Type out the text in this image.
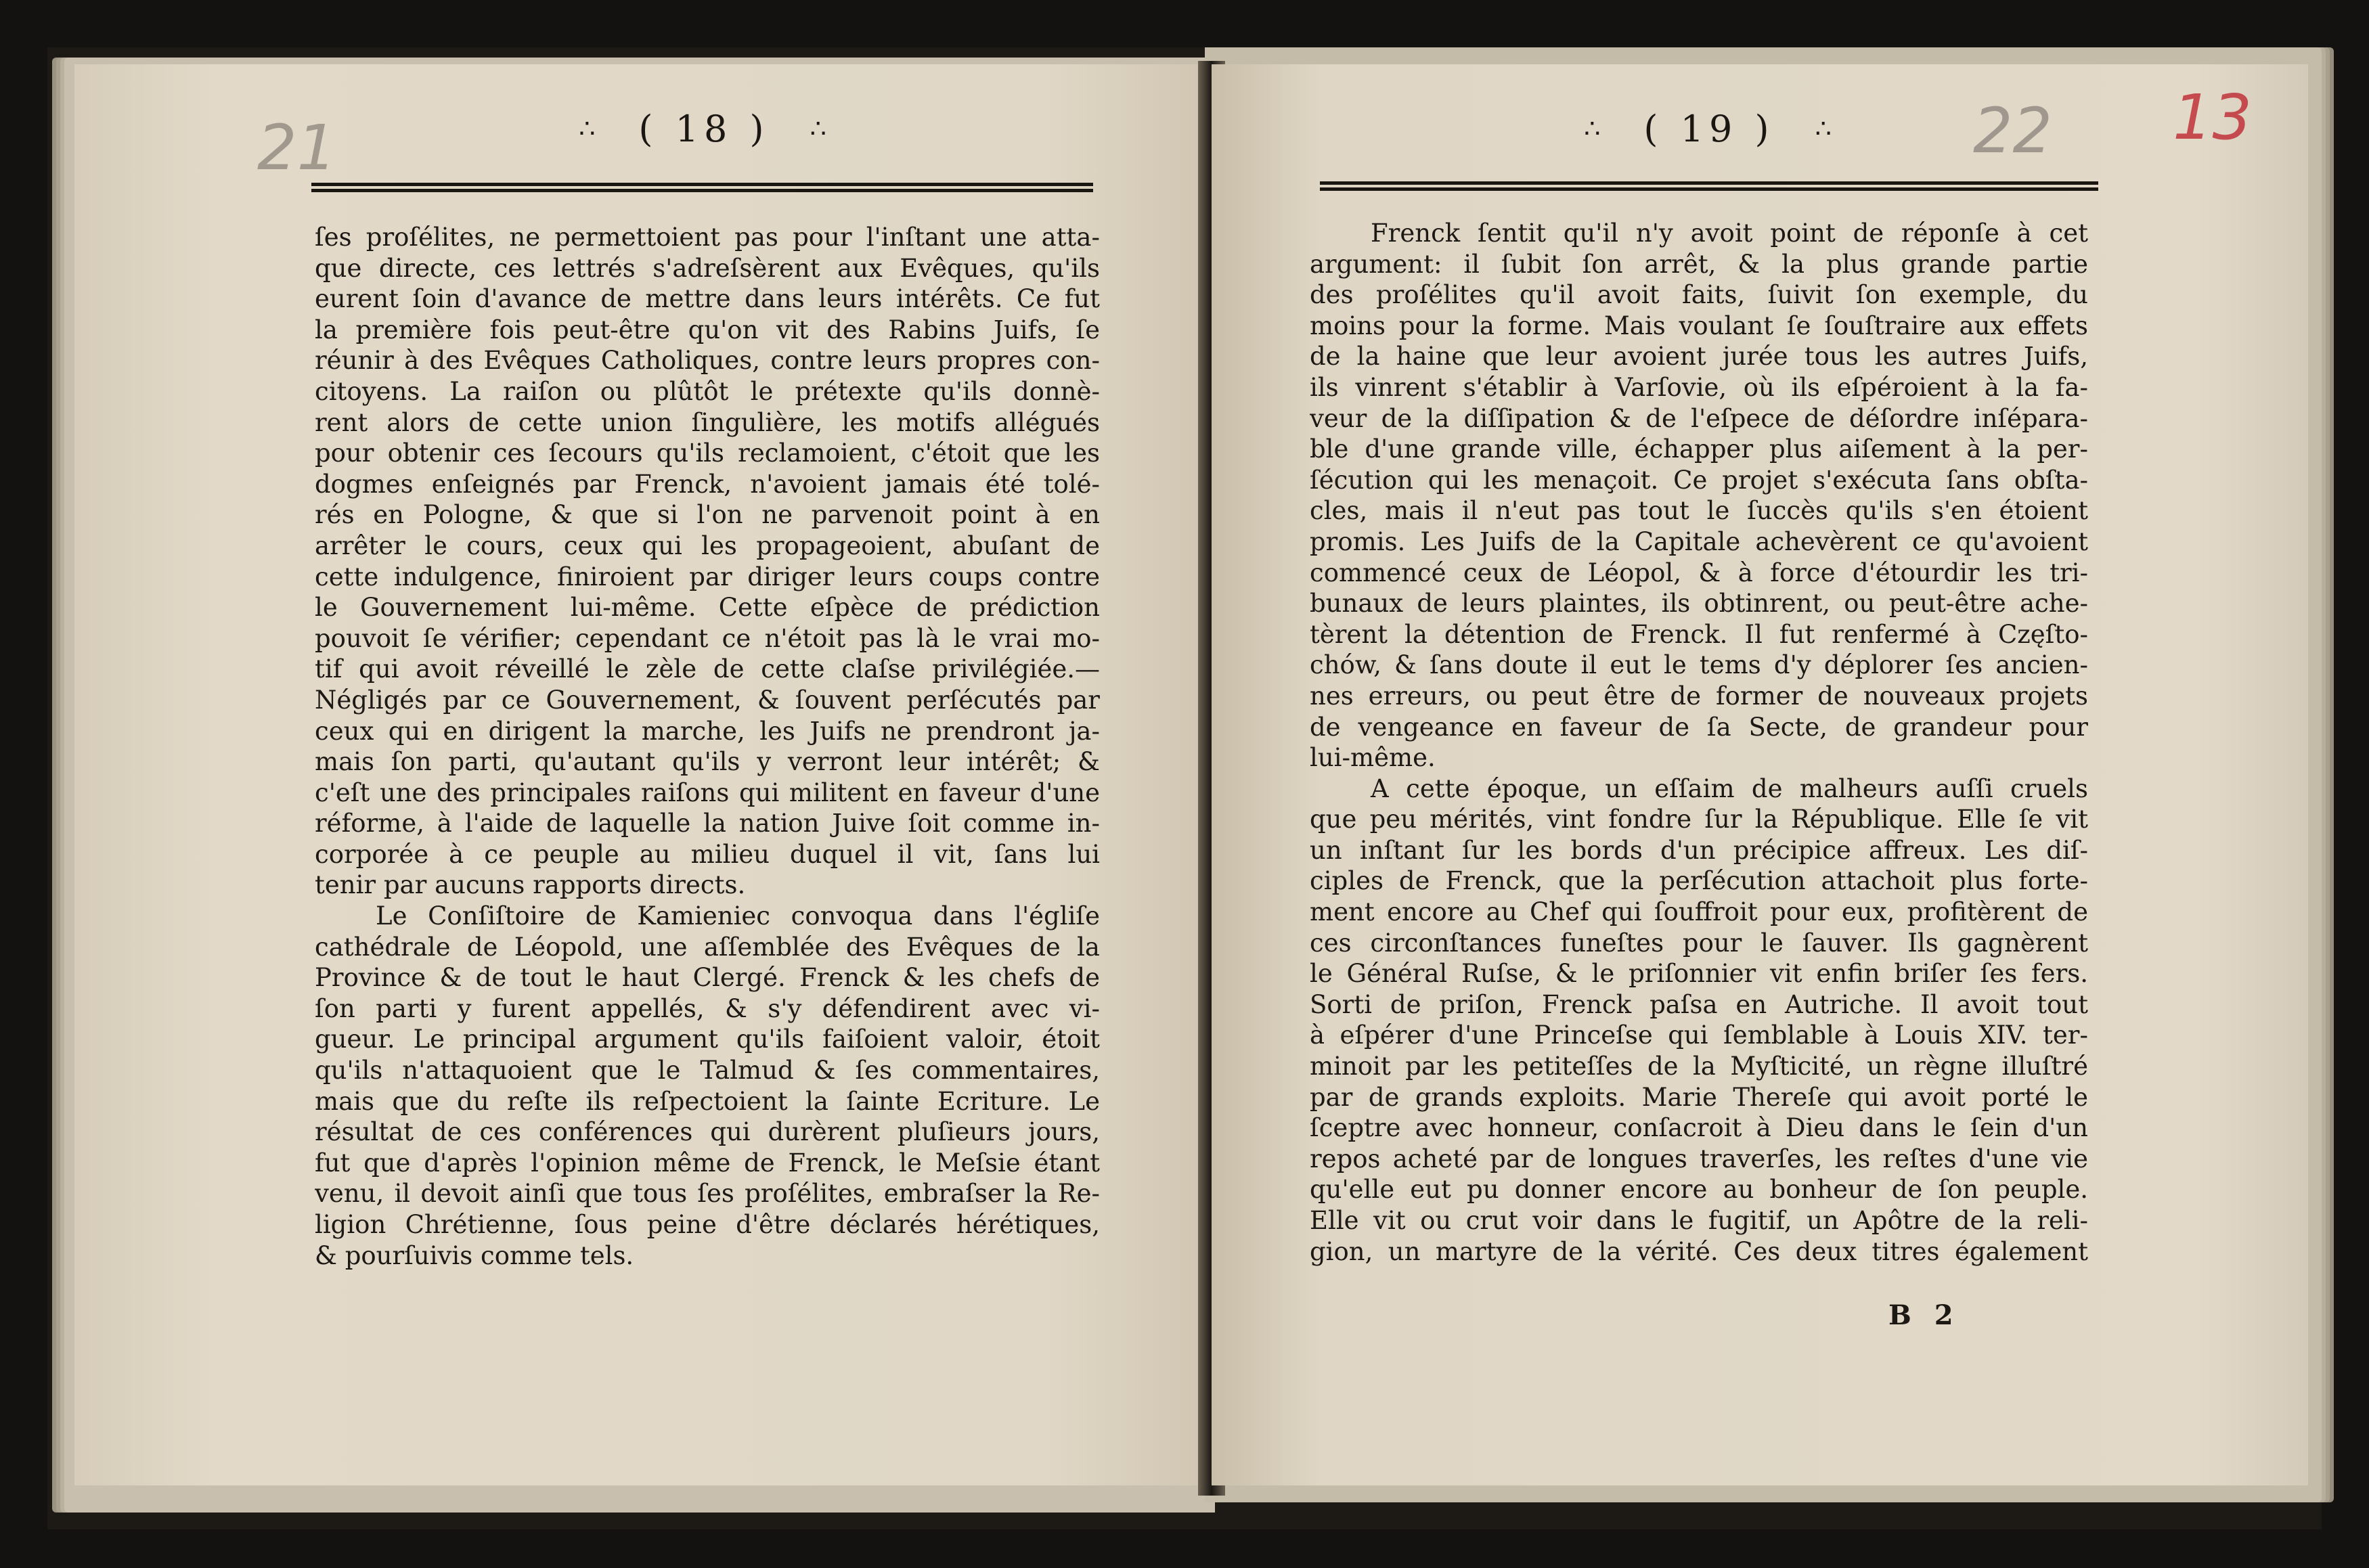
21	∴ ( 18 ) ∴
ſes proſélites, ne permettoient pas pour l'inſtant une atta-
que directe, ces lettrés s'adreſsèrent aux Evêques, qu'ils
eurent ſoin d'avance de mettre dans leurs intérêts. Ce fut
la première fois peut-être qu'on vit des Rabins Juifs, ſe
réunir à des Evêques Catholiques, contre leurs propres con-
citoyens. La raiſon ou plûtôt le prétexte qu'ils donnè-
rent alors de cette union ſingulière, les motifs allégués
pour obtenir ces ſecours qu'ils reclamoient, c'étoit que les
dogmes enſeignés par Frenck, n'avoient jamais été tolé-
rés en Pologne, & que si l'on ne parvenoit point à en
arrêter le cours, ceux qui les propageoient, abuſant de
cette indulgence, finiroient par diriger leurs coups contre
le Gouvernement lui-même. Cette eſpèce de prédiction
pouvoit ſe vérifier; cependant ce n'étoit pas là le vrai mo-
tif qui avoit réveillé le zèle de cette claſse privilégiée.—
Négligés par ce Gouvernement, & ſouvent perſécutés par
ceux qui en dirigent la marche, les Juifs ne prendront ja-
mais ſon parti, qu'autant qu'ils y verront leur intérêt; &
c'eſt une des principales raiſons qui militent en faveur d'une
réforme, à l'aide de laquelle la nation Juive ſoit comme in-
corporée à ce peuple au milieu duquel il vit, ſans lui
tenir par aucuns rapports directs.
Le Conſiſtoire de Kamieniec convoqua dans l'égliſe
cathédrale de Léopold, une aſſemblée des Evêques de la
Province & de tout le haut Clergé. Frenck & les chefs de
ſon parti y furent appellés, & s'y défendirent avec vi-
gueur. Le principal argument qu'ils faiſoient valoir, étoit
qu'ils n'attaquoient que le Talmud & ſes commentaires,
mais que du reſte ils reſpectoient la ſainte Ecriture. Le
résultat de ces conférences qui durèrent pluſieurs jours,
fut que d'après l'opinion même de Frenck, le Meſsie étant
venu, il devoit ainſi que tous ſes proſélites, embraſser la Re-
ligion Chrétienne, ſous peine d'être déclarés hérétiques,
& pourſuivis comme tels.
∴ ( 19 ) ∴ 22 13
Frenck ſentit qu'il n'y avoit point de réponſe à cet
argument: il ſubit ſon arrêt, & la plus grande partie
des proſélites qu'il avoit faits, ſuivit ſon exemple, du
moins pour la forme. Mais voulant ſe ſouſtraire aux effets
de la haine que leur avoient jurée tous les autres Juifs,
ils vinrent s'établir à Varſovie, où ils eſpéroient à la fa-
veur de la diſſipation & de l'eſpece de déſordre inſépara-
ble d'une grande ville, échapper plus aiſement à la per-
ſécution qui les menaçoit. Ce projet s'exécuta ſans obſta-
cles, mais il n'eut pas tout le ſuccès qu'ils s'en étoient
promis. Les Juifs de la Capitale achevèrent ce qu'avoient
commencé ceux de Léopol, & à force d'étourdir les tri-
bunaux de leurs plaintes, ils obtinrent, ou peut-être ache-
tèrent la détention de Frenck. Il fut renfermé à Częſto-
chów, & ſans doute il eut le tems d'y déplorer ſes ancien-
nes erreurs, ou peut être de former de nouveaux projets
de vengeance en faveur de ſa Secte, de grandeur pour
lui-même.
A cette époque, un eſſaim de malheurs auſſi cruels
que peu mérités, vint fondre ſur la République. Elle ſe vit
un inſtant ſur les bords d'un précipice affreux. Les diſ-
ciples de Frenck, que la perſécution attachoit plus forte-
ment encore au Chef qui ſouffroit pour eux, profitèrent de
ces circonſtances funeſtes pour le ſauver. Ils gagnèrent
le Général Ruſse, & le priſonnier vit enfin briſer ſes fers.
Sorti de priſon, Frenck paſsa en Autriche. Il avoit tout
à eſpérer d'une Princeſse qui ſemblable à Louis XIV. ter-
minoit par les petiteſſes de la Myſticité, un règne illuſtré
par de grands exploits. Marie Thereſe qui avoit porté le
ſceptre avec honneur, conſacroit à Dieu dans le ſein d'un
repos acheté par de longues traverſes, les reſtes d'une vie
qu'elle eut pu donner encore au bonheur de ſon peuple.
Elle vit ou crut voir dans le fugitif, un Apôtre de la reli-
gion, un martyre de la vérité. Ces deux titres également
B 2
